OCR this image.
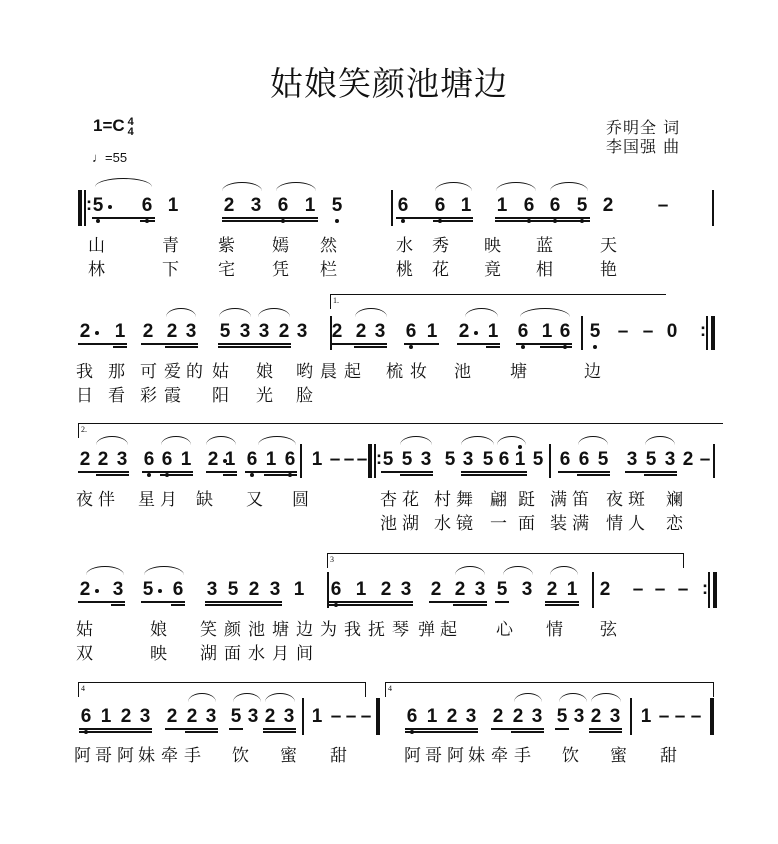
姑娘笑颜池塘边
1=C 4
4
♩=55
乔明全 词
李国强 曲
: 5 6 1 2 3 6 1 5	6 6 1 1 6 6 5 2 –
山	青 紫 嫣 然	水 秀 映 蓝	天
林	下 宅 凭 栏	桃 花 竟 相	艳
2 1 2 2 3 5 3 3 2 3
1.
2 2 3 6 1 2 1 6 1 6 5 – – 0 :
我 那 可 爱 的 姑 娘 哟 晨 起 梳 妆 池 塘	边
日 看 彩 霞 阳 光 脸
2.
2 2 3 6 6 1 2 1 6 1 6 1 – – – : 5 5 3 5 3 5 6 1 5 6 6 5 3 5 3 2 –
夜 伴 星 月 缺 又 圆	杏 花 村 舞 翩 跹 满 笛 夜 斑 斓
池 湖 水 镜 一 面 装 满 情 人 恋
2 3 5 6 3 5 2 3 1
3
6 1 2 3 2 2 3 5 3 2 1 2 – – – :
姑	娘 笑 颜 池 塘 边 为 我 抚 琴 弹 起 心 情 弦
双	映 湖 面 水 月 间
4
6 1 2 3 2 2 3 5 3 2 3 1 – – –
4
6 1 2 3 2 2 3 5 3 2 3 1 – – –
阿 哥 阿 妹 牵 手 饮 蜜 甜	阿 哥 阿 妹 牵 手 饮 蜜 甜
